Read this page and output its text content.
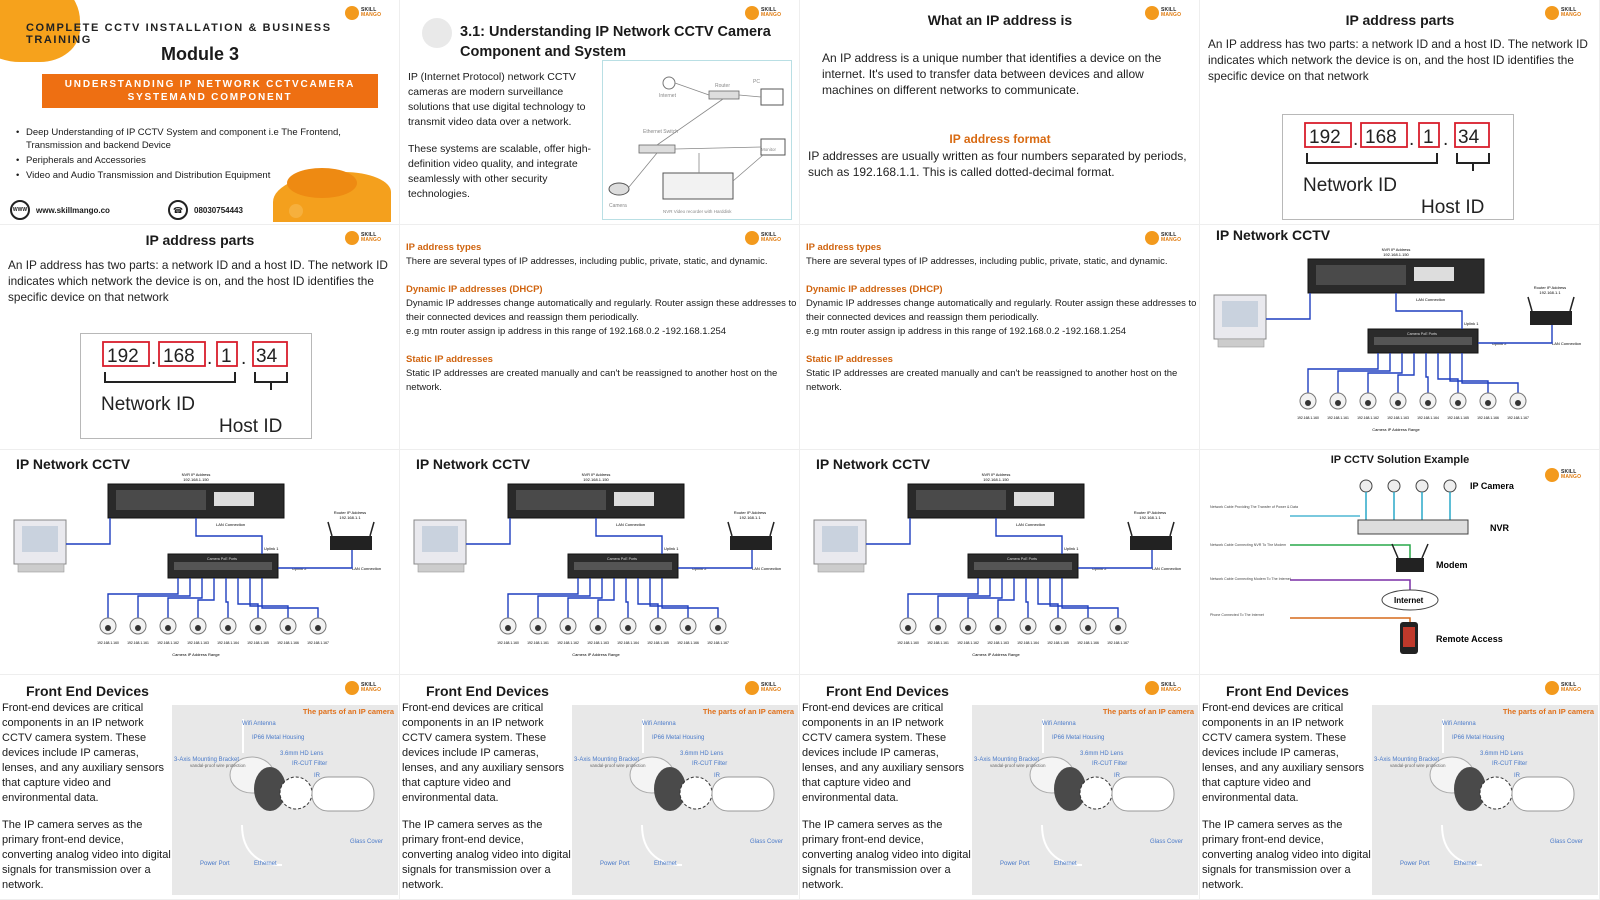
SKILL
MANGO
COMPLETE CCTV INSTALLATION & BUSINESS TRAINING
Module 3
UNDERSTANDING IP NETWORK CCTVCAMERA
SYSTEMAND COMPONENT
• Deep Understanding of IP CCTV System and component i.e The Frontend, Transmission and backend Device
• Peripherals and Accessories
• Video and Audio Transmission and Distribution Equipment
WWW www.skillmango.co	☎	08030754443
SKILL
MANGO
3.1: Understanding IP Network CCTV Camera Component and System

IP (Internet Protocol) network CCTV cameras are modern surveillance solutions that use digital technology to transmit video data over a network.

These systems are scalable, offer high-definition video quality, and integrate seamlessly with other security technologies.

Internet
Router
PC
Ethernet Switch
Monitor
NVR Video recorder with Harddisk
Camera
SKILL
MANGO
What an IP address is
An IP address is a unique number that identifies a device on the internet. It's used to transfer data between devices and allow machines on different networks to communicate.
IP address format
IP addresses are usually written as four numbers separated by periods, such as 192.168.1.1. This is called dotted-decimal format.
SKILL
MANGO
IP address parts
An IP address has two parts: a network ID and a host ID. The network ID indicates which network the device is on, and the host ID identifies the specific device on that network
192 . 168 . 1 . 34
Network ID
Host ID
SKILL
MANGO
IP address parts
An IP address has two parts: a network ID and a host ID. The network ID indicates which network the device is on, and the host ID identifies the specific device on that network
192 . 168 . 1 . 34
Network ID
Host ID
SKILL
MANGO
IP address types
There are several types of IP addresses, including public, private, static, and dynamic.
Dynamic IP addresses (DHCP)
Dynamic IP addresses change automatically and regularly. Router assign these addresses to their connected devices and reassign them periodically.
e.g mtn router assign ip address in this range of 192.168.0.2 -192.168.1.254
Static IP addresses
Static IP addresses are created manually and can't be reassigned to another host on the network.
SKILL
MANGO
IP address types
There are several types of IP addresses, including public, private, static, and dynamic.
Dynamic IP addresses (DHCP)
Dynamic IP addresses change automatically and regularly. Router assign these addresses to their connected devices and reassign them periodically.
e.g mtn router assign ip address in this range of 192.168.0.2 -192.168.1.254
Static IP addresses
Static IP addresses are created manually and can't be reassigned to another host on the network.
IP Network CCTV
NVR IP Address
192.168.1.150
LAN Connection
Camera PoE Ports
Uplink 1
Uplink 2
Router IP Address
192.168.1.1
LAN Connection
192.168.1.160 192.168.1.161 192.168.1.162 192.168.1.163 192.168.1.164 192.168.1.165 192.168.1.166 192.168.1.167
Camera IP Address Range
IP Network CCTV
NVR IP Address
192.168.1.150
LAN Connection
Camera PoE Ports
Uplink 1
Uplink 2
Router IP Address
192.168.1.1
LAN Connection
192.168.1.160 192.168.1.161 192.168.1.162 192.168.1.163 192.168.1.164 192.168.1.165 192.168.1.166 192.168.1.167
Camera IP Address Range
IP Network CCTV
NVR IP Address
192.168.1.150
LAN Connection
Camera PoE Ports
Uplink 1
Uplink 2
Router IP Address
192.168.1.1
LAN Connection
192.168.1.160 192.168.1.161 192.168.1.162 192.168.1.163 192.168.1.164 192.168.1.165 192.168.1.166 192.168.1.167
Camera IP Address Range
IP Network CCTV
NVR IP Address
192.168.1.150
LAN Connection
Camera PoE Ports
Uplink 1
Uplink 2
Router IP Address
192.168.1.1
LAN Connection
192.168.1.160 192.168.1.161 192.168.1.162 192.168.1.163 192.168.1.164 192.168.1.165 192.168.1.166 192.168.1.167
Camera IP Address Range
SKILL
MANGO
IP CCTV Solution Example
IP Camera
NVR
Network Cable Providing The Transfer of Power & Data
Network Cable Connecting NVR To The Modem
Modem
Network Cable Connecting Modem To The Internet
Internet
Phone Connected To The Internet
Remote Access
SKILL
MANGO
Front End Devices

Front-end devices are critical components in an IP network CCTV camera system. These devices include IP cameras, lenses, and any auxiliary sensors that capture video and environmental data.

The IP camera serves as the primary front-end device, converting analog video into digital signals for transmission over a network.

The parts of an IP camera
Wifi Antenna
IP66 Metal Housing
3-Axis Mounting Bracket
vandal-proof wire protection
3.6mm HD Lens
IR-CUT Filter
IR
Glass Cover
Power Port	Ethernet
SKILL
MANGO
Front End Devices

Front-end devices are critical components in an IP network CCTV camera system. These devices include IP cameras, lenses, and any auxiliary sensors that capture video and environmental data.

The IP camera serves as the primary front-end device, converting analog video into digital signals for transmission over a network.

The parts of an IP camera
Wifi Antenna
IP66 Metal Housing
3-Axis Mounting Bracket
vandal-proof wire protection
3.6mm HD Lens
IR-CUT Filter
IR
Glass Cover
Power Port	Ethernet
SKILL
MANGO
Front End Devices

Front-end devices are critical components in an IP network CCTV camera system. These devices include IP cameras, lenses, and any auxiliary sensors that capture video and environmental data.

The IP camera serves as the primary front-end device, converting analog video into digital signals for transmission over a network.

The parts of an IP camera
Wifi Antenna
IP66 Metal Housing
3-Axis Mounting Bracket
vandal-proof wire protection
3.6mm HD Lens
IR-CUT Filter
IR
Glass Cover
Power Port	Ethernet
SKILL
MANGO
Front End Devices

Front-end devices are critical components in an IP network CCTV camera system. These devices include IP cameras, lenses, and any auxiliary sensors that capture video and environmental data.

The IP camera serves as the primary front-end device, converting analog video into digital signals for transmission over a network.

The parts of an IP camera
Wifi Antenna
IP66 Metal Housing
3-Axis Mounting Bracket
vandal-proof wire protection
3.6mm HD Lens
IR-CUT Filter
IR
Glass Cover
Power Port	Ethernet
